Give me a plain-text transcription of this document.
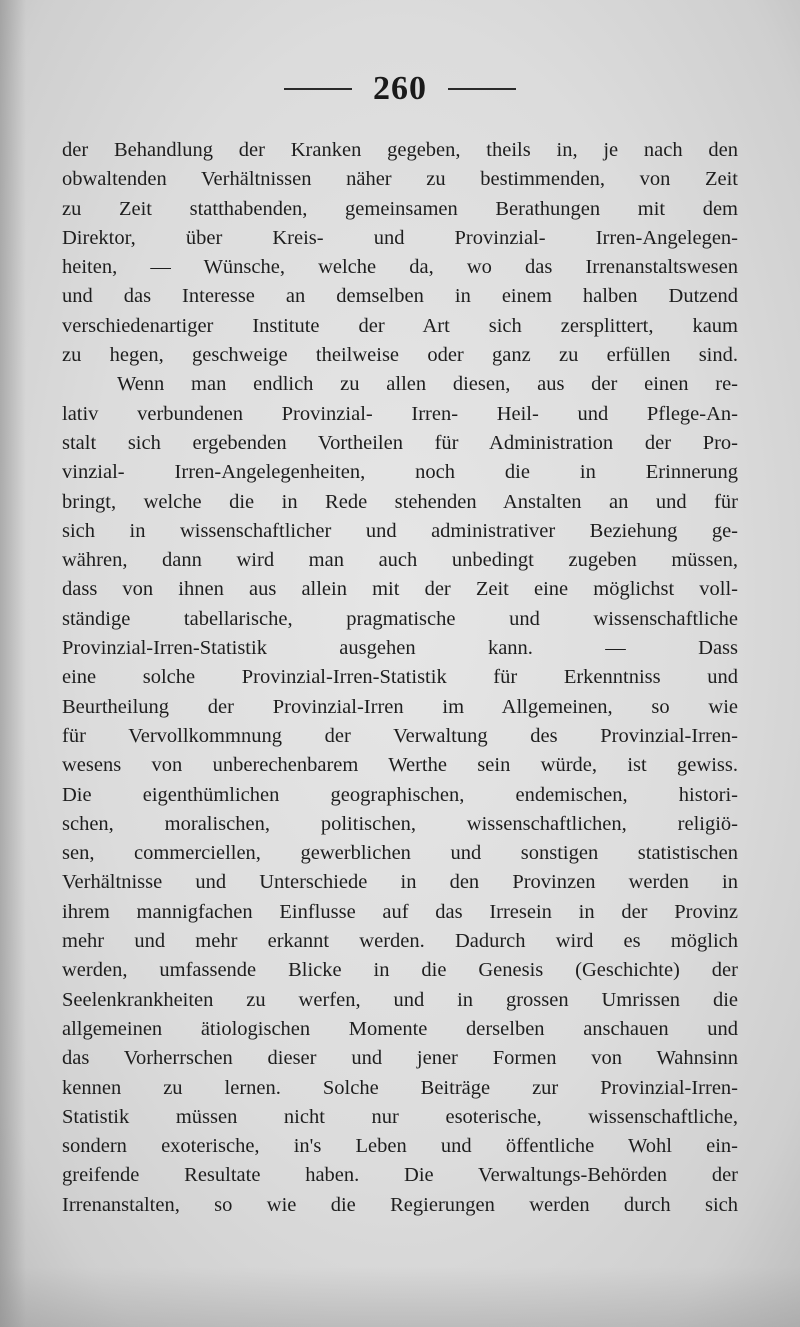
260
der Behandlung der Kranken gegeben, theils in, je nach den
obwaltenden Verhältnissen näher zu bestimmenden, von Zeit
zu Zeit statthabenden, gemeinsamen Berathungen mit dem
Direktor, über Kreis- und Provinzial- Irren-Angelegen-
heiten, — Wünsche, welche da, wo das Irrenanstaltswesen
und das Interesse an demselben in einem halben Dutzend
verschiedenartiger Institute der Art sich zersplittert, kaum
zu hegen, geschweige theilweise oder ganz zu erfüllen sind.
Wenn man endlich zu allen diesen, aus der einen re-
lativ verbundenen Provinzial- Irren- Heil- und Pflege-An-
stalt sich ergebenden Vortheilen für Administration der Pro-
vinzial- Irren-Angelegenheiten, noch die in Erinnerung
bringt, welche die in Rede stehenden Anstalten an und für
sich in wissenschaftlicher und administrativer Beziehung ge-
währen, dann wird man auch unbedingt zugeben müssen,
dass von ihnen aus allein mit der Zeit eine möglichst voll-
ständige tabellarische, pragmatische und wissenschaftliche
Provinzial-Irren-Statistik ausgehen kann. — Dass
eine solche Provinzial-Irren-Statistik für Erkenntniss und
Beurtheilung der Provinzial-Irren im Allgemeinen, so wie
für Vervollkommnung der Verwaltung des Provinzial-Irren-
wesens von unberechenbarem Werthe sein würde, ist gewiss.
Die eigenthümlichen geographischen, endemischen, histori-
schen, moralischen, politischen, wissenschaftlichen, religiö-
sen, commerciellen, gewerblichen und sonstigen statistischen
Verhältnisse und Unterschiede in den Provinzen werden in
ihrem mannigfachen Einflusse auf das Irresein in der Provinz
mehr und mehr erkannt werden. Dadurch wird es möglich
werden, umfassende Blicke in die Genesis (Geschichte) der
Seelenkrankheiten zu werfen, und in grossen Umrissen die
allgemeinen ätiologischen Momente derselben anschauen und
das Vorherrschen dieser und jener Formen von Wahnsinn
kennen zu lernen. Solche Beiträge zur Provinzial-Irren-
Statistik müssen nicht nur esoterische, wissenschaftliche,
sondern exoterische, in's Leben und öffentliche Wohl ein-
greifende Resultate haben. Die Verwaltungs-Behörden der
Irrenanstalten, so wie die Regierungen werden durch sich
